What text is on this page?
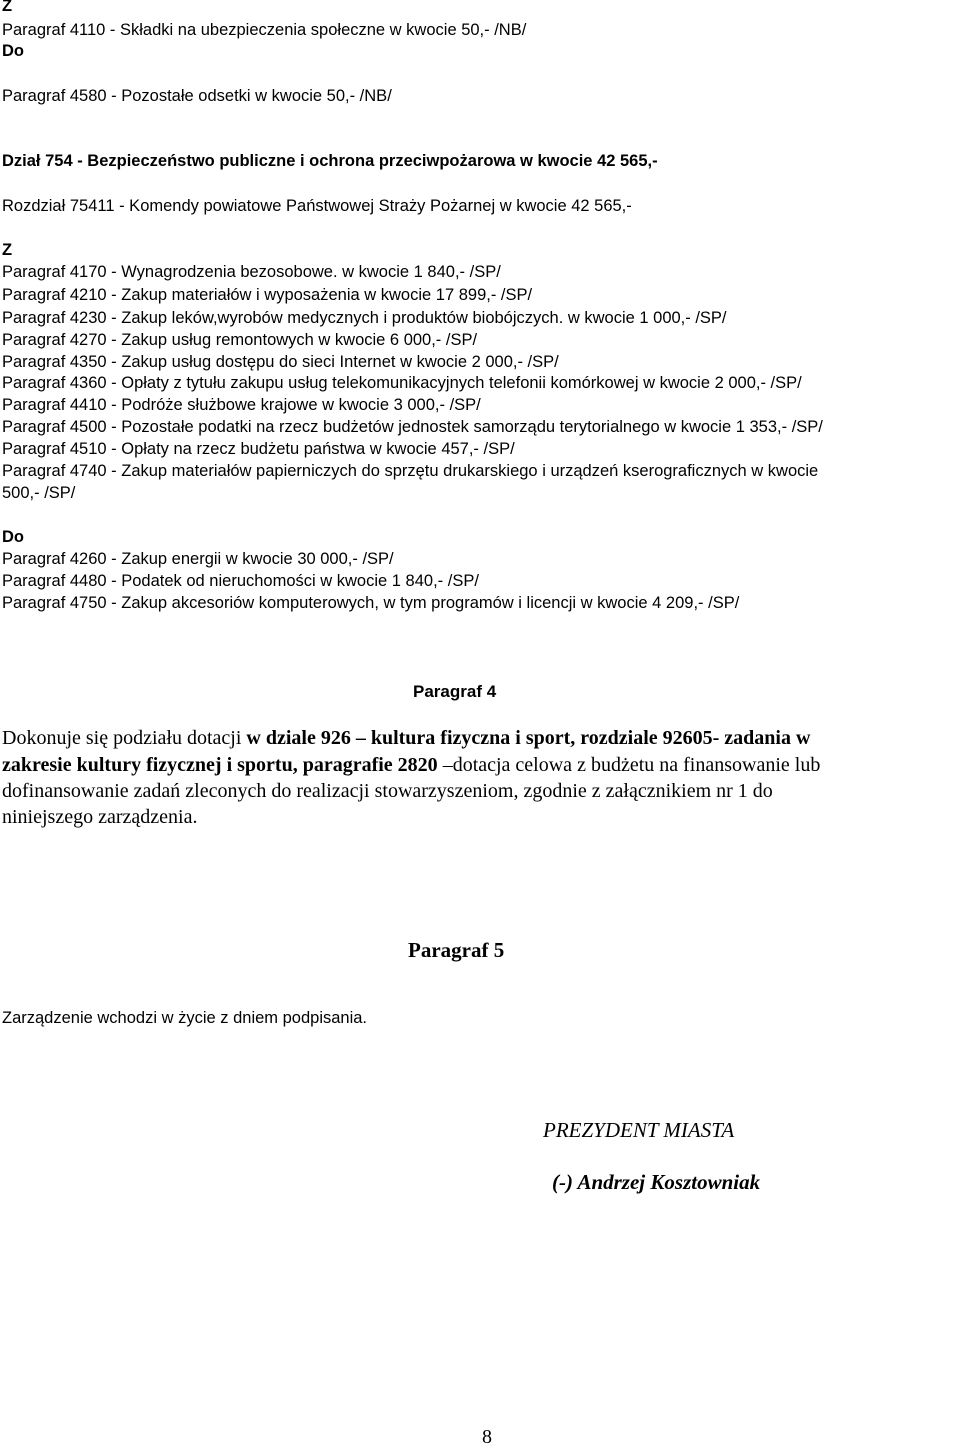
Z
Paragraf 4110 - Składki na ubezpieczenia społeczne w kwocie 50,- /NB/
Do
Paragraf 4580 - Pozostałe odsetki w kwocie 50,- /NB/
Dział 754 - Bezpieczeństwo publiczne i ochrona przeciwpożarowa w kwocie 42 565,-
Rozdział 75411 - Komendy powiatowe Państwowej Straży Pożarnej w kwocie 42 565,-
Z
Paragraf 4170 - Wynagrodzenia bezosobowe. w kwocie 1 840,- /SP/
Paragraf 4210 - Zakup materiałów i wyposażenia w kwocie 17 899,- /SP/
Paragraf 4230 - Zakup leków,wyrobów medycznych i produktów biobójczych. w kwocie 1 000,- /SP/
Paragraf 4270 - Zakup usług remontowych w kwocie 6 000,- /SP/
Paragraf 4350 - Zakup usług dostępu do sieci Internet w kwocie 2 000,- /SP/
Paragraf 4360 - Opłaty z tytułu zakupu usług telekomunikacyjnych telefonii komórkowej w kwocie 2 000,- /SP/
Paragraf 4410 - Podróże służbowe krajowe w kwocie 3 000,- /SP/
Paragraf 4500 - Pozostałe podatki na rzecz budżetów jednostek samorządu terytorialnego w kwocie 1 353,- /SP/
Paragraf 4510 - Opłaty na rzecz budżetu państwa w kwocie 457,- /SP/
Paragraf 4740 - Zakup materiałów papierniczych do sprzętu drukarskiego i urządzeń kserograficznych w kwocie
500,- /SP/
Do
Paragraf 4260 - Zakup energii w kwocie 30 000,- /SP/
Paragraf 4480 - Podatek od nieruchomości w kwocie 1 840,- /SP/
Paragraf 4750 - Zakup akcesoriów komputerowych, w tym programów i licencji w kwocie 4 209,- /SP/
Paragraf 4
Dokonuje się podziału dotacji w dziale 926 – kultura fizyczna i sport, rozdziale 92605- zadania w
zakresie kultury fizycznej i sportu, paragrafie 2820 –dotacja celowa z budżetu na finansowanie lub
dofinansowanie zadań zleconych do realizacji stowarzyszeniom, zgodnie z załącznikiem nr 1 do
niniejszego zarządzenia.
Paragraf 5
Zarządzenie wchodzi w życie z dniem podpisania.
PREZYDENT MIASTA
(-) Andrzej Kosztowniak
8
